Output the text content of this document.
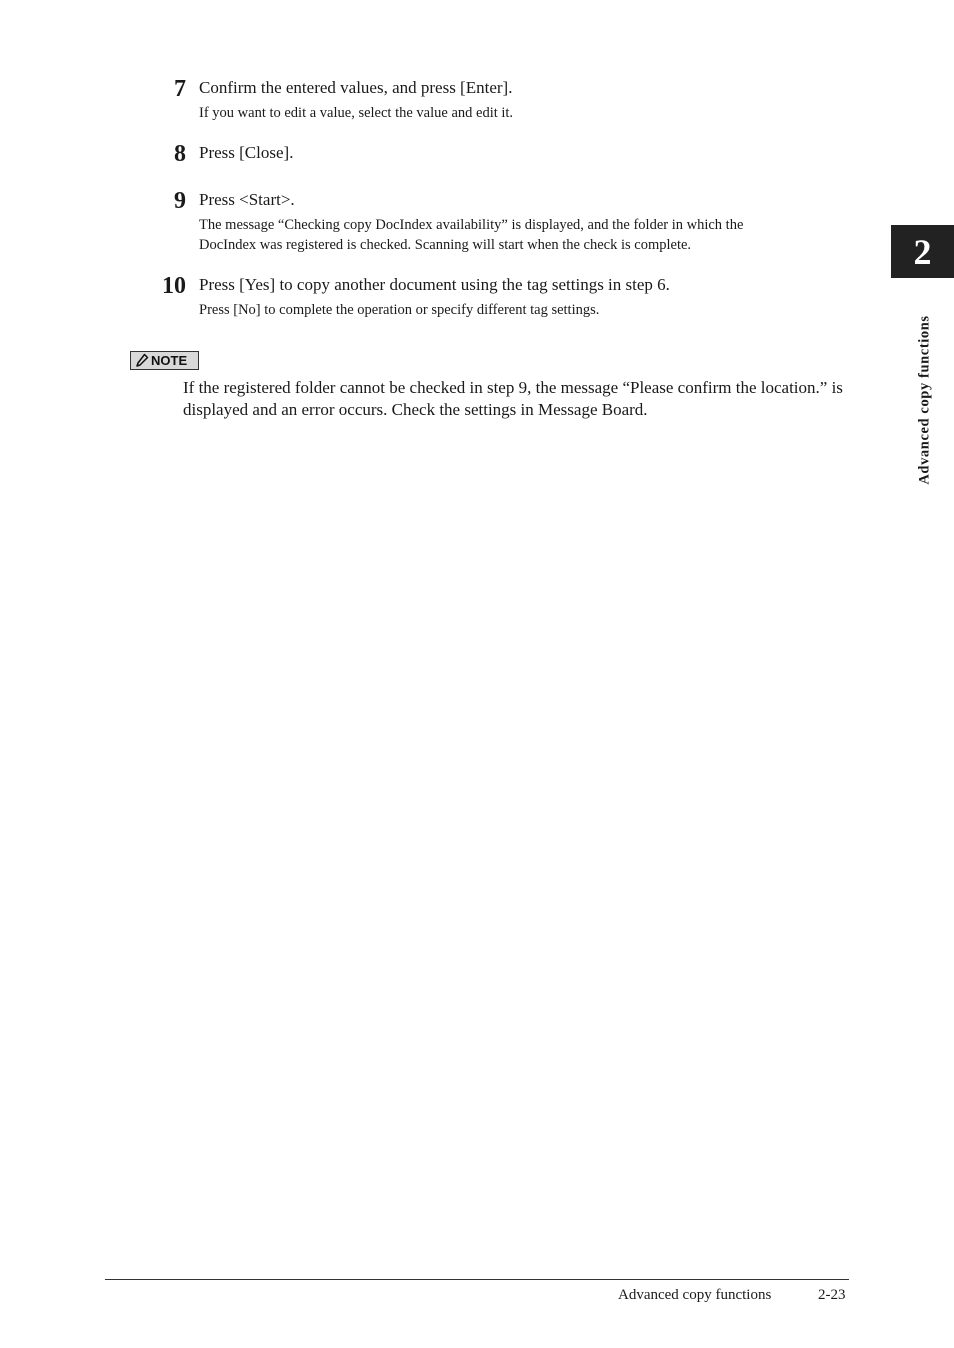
7 Confirm the entered values, and press [Enter].
If you want to edit a value, select the value and edit it.
8 Press [Close].
9 Press <Start>.
The message “Checking copy DocIndex availability” is displayed, and the folder in which the
DocIndex was registered is checked. Scanning will start when the check is complete.
10 Press [Yes] to copy another document using the tag settings in step 6.
Press [No] to complete the operation or specify different tag settings.
NOTE
If the registered folder cannot be checked in step 9, the message “Please confirm the location.” is displayed and an error occurs. Check the settings in Message Board.
2
Advanced copy functions
Advanced copy functions	2-23
